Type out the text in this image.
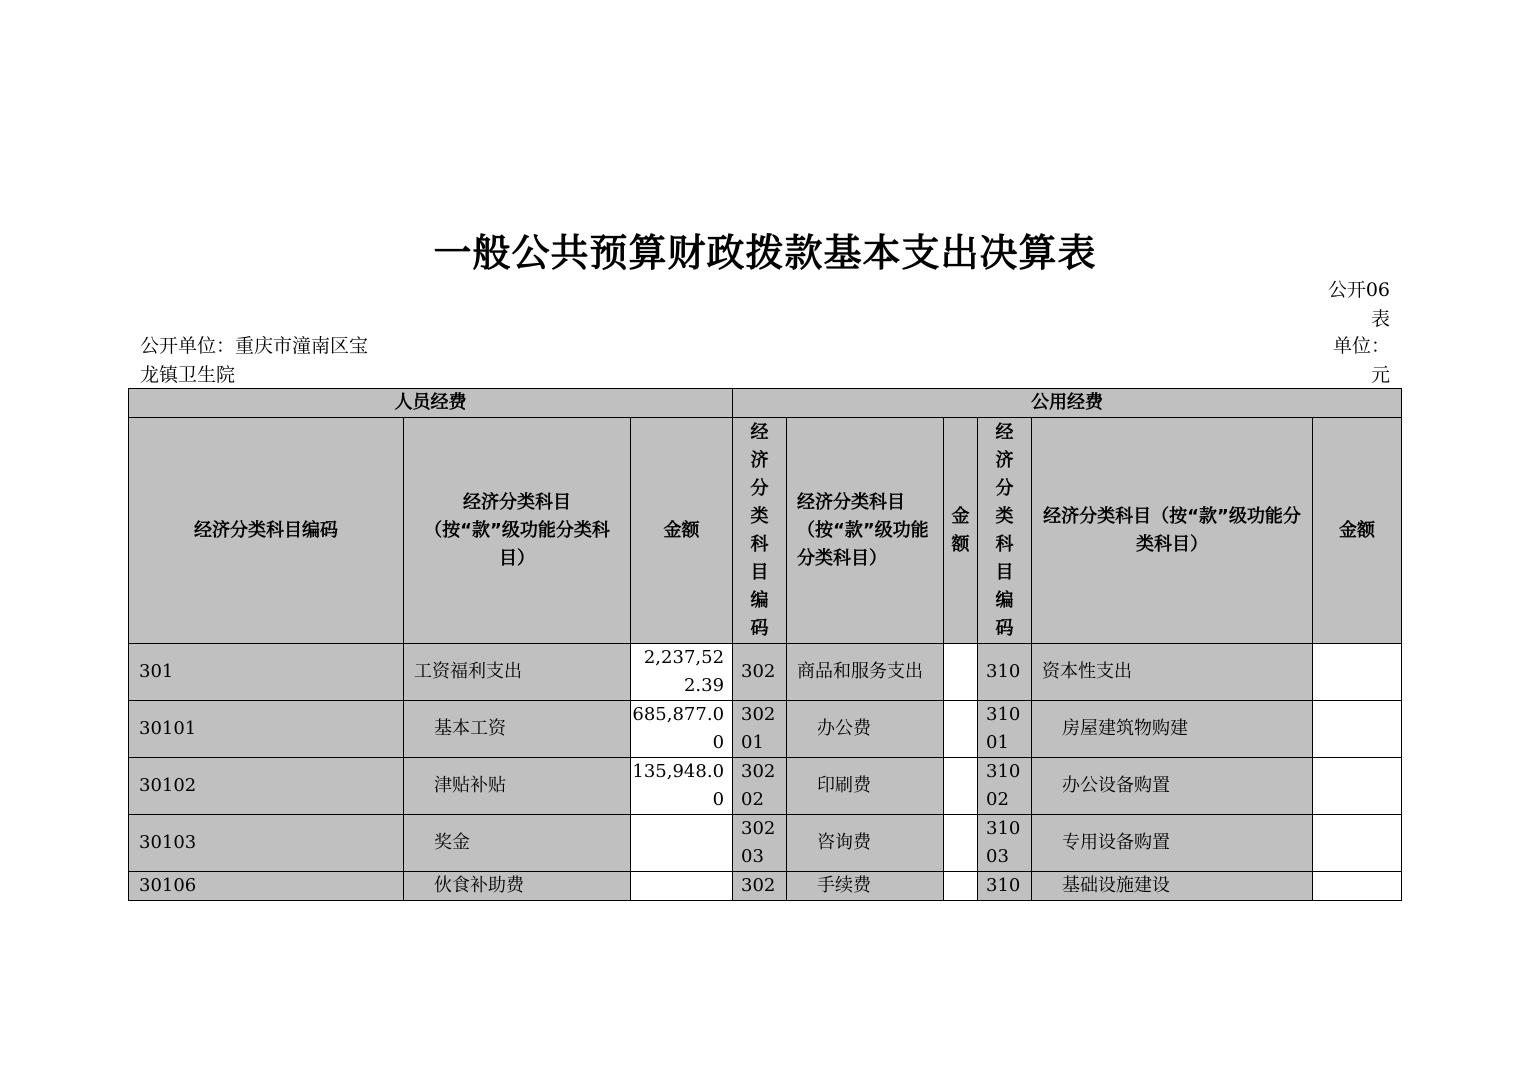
一般公共预算财政拨款基本支出决算表
公开06
表
公开单位：重庆市潼南区宝
龙镇卫生院
单位：
元
人员经费			公用经费					
经济分类科目编码	经济分类科目（按“款”级功能分类科目）	金额	经济分类科目编码	经济分类科目（按“款”级功能分类科目）	金额	经济分类科目编码	经济分类科目（按“款”级功能分类科目）	金额
301	工资福利支出	2,237,522.39	302	商品和服务支出		310	资本性支出	
30101	基本工资	685,877.00	30201	办公费		31001	房屋建筑物购建	
30102	津贴补贴	135,948.00	30202	印刷费		31002	办公设备购置	
30103	奖金		30203	咨询费		31003	专用设备购置	
30106	伙食补助费		302	手续费		310	基础设施建设	
